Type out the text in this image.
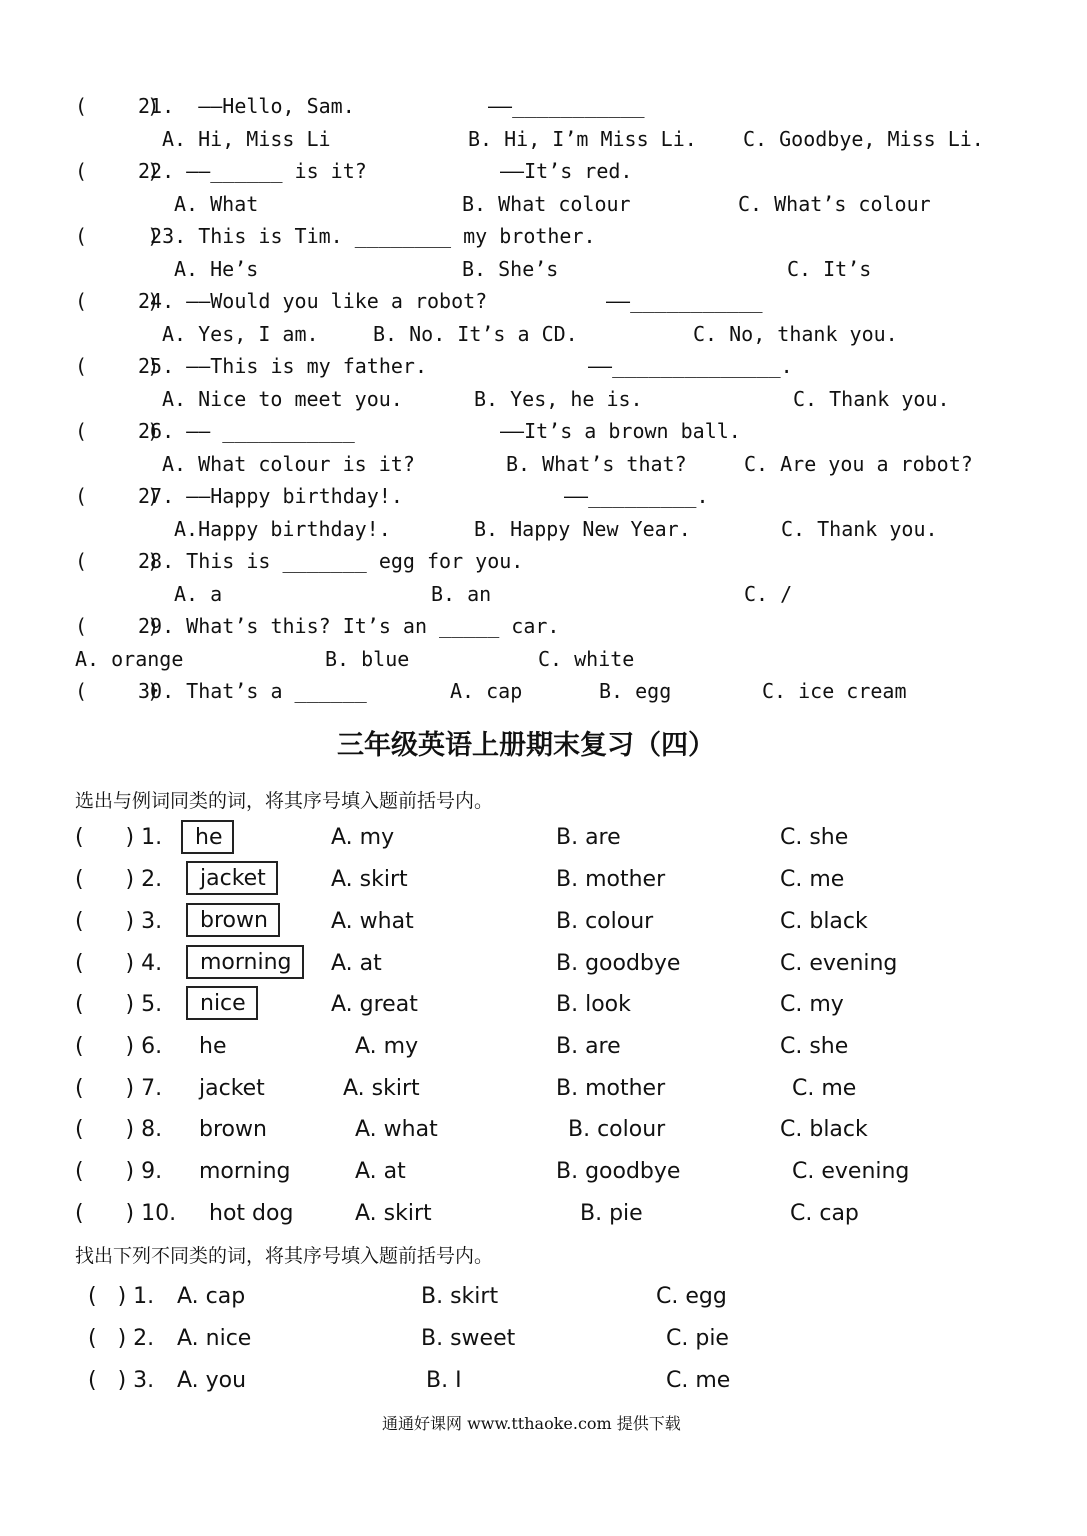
(     )
21.  ——Hello, Sam.	——___________
A. Hi, Miss Li	B. Hi, I’m Miss Li. C. Goodbye, Miss Li.
(     )
22. ——______ is it?	——It’s red.
A. What	B. What colour	C. What’s colour
(     )
23. This is Tim. ________ my brother.
A. He’s	B. She’s	C. It’s
(     )
24. ——Would you like a robot?	——___________
A. Yes, I am.	B. No. It’s a CD.	C. No, thank you.
(     )
25. ——This is my father.	——______________.
A. Nice to meet you.	B. Yes, he is.	C. Thank you.
(     )
26. —— ___________	——It’s a brown ball.
A. What colour is it?	B. What’s that?	C. Are you a robot?
(     )
27. ——Happy birthday!.	——_________.
A.Happy birthday!.	B. Happy New Year.	C. Thank you.
(     )
28. This is _______ egg for you.
A. a	B. an	C. /
(     )
29. What’s this? It’s an _____ car.
A. orange	B. blue	C. white
(     )
30. That’s a ______	A. cap	B. egg	C. ice cream
三年级英语上册期末复习（四）
选出与例词同类的词，将其序号填入题前括号内。
(      ) 1.	he	A. my	B. are	C. she
(      ) 2.	jacket	A. skirt	B. mother	C. me
(      ) 3.	brown	A. what	B. colour	C. black
(      ) 4.	morning	A. at	B. goodbye	C. evening
(      ) 5.	nice	A. great	B. look	C. my
(      ) 6. he	A. my	B. are	C. she
(      ) 7. jacket	A. skirt	B. mother	C. me
(      ) 8. brown	A. what	B. colour	C. black
(      ) 9. morning	A. at	B. goodbye	C. evening
(      ) 10. hot dog	A. skirt	B. pie	C. cap
找出下列不同类的词，将其序号填入题前括号内。
(   ) 1. A. cap	B. skirt	C. egg
(   ) 2. A. nice	B. sweet	C. pie
(   ) 3. A. you	B. I	C. me
通通好课网 www.tthaoke.com 提供下载
